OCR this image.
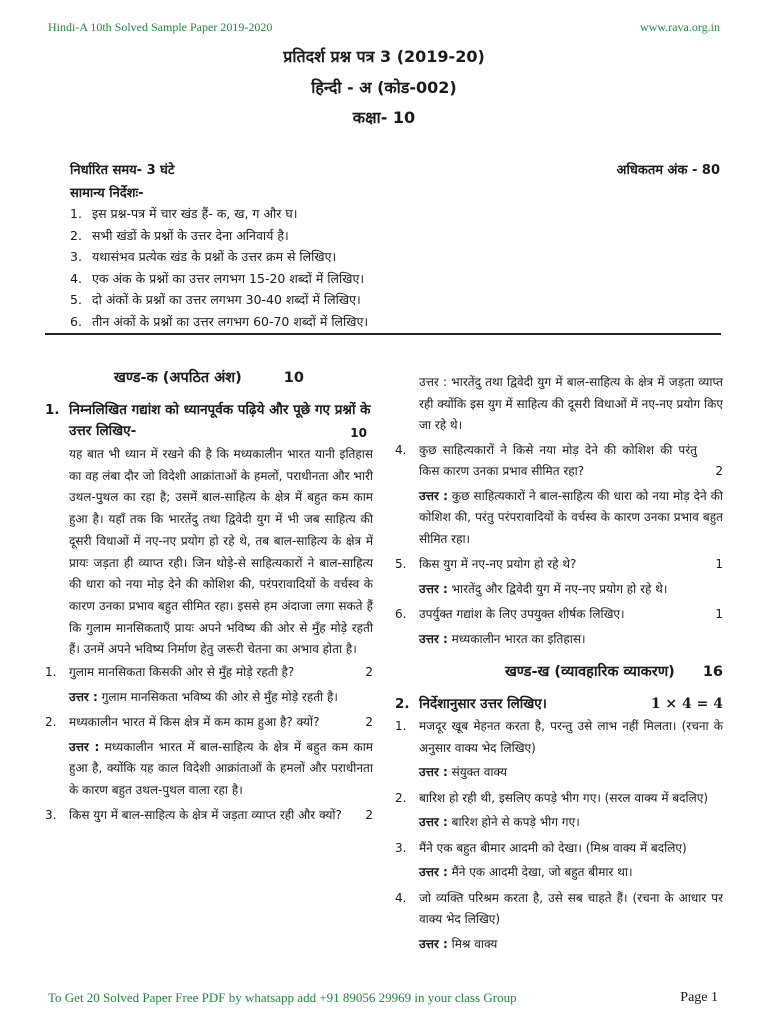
Hindi-A 10th Solved Sample Paper 2019-2020	www.rava.org.in
प्रतिदर्श प्रश्न पत्र 3 (2019-20)
हिन्दी - अ (कोड-002)
कक्षा- 10
निर्धारित समय- 3 घंटे	अधिकतम अंक - 80
सामान्य निर्देशः-
1. इस प्रश्न-पत्र में चार खंड हैं- क, ख, ग और घ।
2. सभी खंडों के प्रश्नों के उत्तर देना अनिवार्य है।
3. यथासंभव प्रत्येक खंड के प्रश्नों के उत्तर क्रम से लिखिए।
4. एक अंक के प्रश्नों का उत्तर लगभग 15-20 शब्दों में लिखिए।
5. दो अंकों के प्रश्नों का उत्तर लगभग 30-40 शब्दों में लिखिए।
6. तीन अंकों के प्रश्नों का उत्तर लगभग 60-70 शब्दों में लिखिए।
खण्ड-क (अपठित अंश)	10
1. निम्नलिखित गद्यांश को ध्यानपूर्वक पढ़िये और पूछे गए प्रश्नों के उत्तर लिखिए-	10
यह बात भी ध्यान में रखने की है कि मध्यकालीन भारत यानी इतिहास का वह लंबा दौर जो विदेशी आक्रांताओं के हमलों, पराधीनता और भारी उथल-पुथल का रहा है; उसमें बाल-साहित्य के क्षेत्र में बहुत कम काम हुआ है। यहाँ तक कि भारतेंदु तथा द्विवेदी युग में भी जब साहित्य की दूसरी विधाओं में नए-नए प्रयोग हो रहे थे, तब बाल-साहित्य के क्षेत्र में प्रायः जड़ता ही व्याप्त रही। जिन थोड़े-से साहित्यकारों ने बाल-साहित्य की धारा को नया मोड़ देने की कोशिश की, परंपरावादियों के वर्चस्व के कारण उनका प्रभाव बहुत सीमित रहा। इससे हम अंदाजा लगा सकते हैं कि गुलाम मानसिकताएँ प्रायः अपने भविष्य की ओर से मुँह मोड़े रहती हैं। उनमें अपने भविष्य निर्माण हेतु जरूरी चेतना का अभाव होता है।
1.	गुलाम मानसिकता किसकी ओर से मुँह मोड़े रहती है?	2
उत्तर : गुलाम मानसिकता भविष्य की ओर से मुँह मोड़े रहती है।
2.	मध्यकालीन भारत में किस क्षेत्र में कम काम हुआ है? क्यों?	2
उत्तर : मध्यकालीन भारत में बाल-साहित्य के क्षेत्र में बहुत कम काम हुआ है, क्योंकि यह काल विदेशी आक्रांताओं के हमलों और पराधीनता के कारण बहुत उथल-पुथल वाला रहा है।
3.	किस युग में बाल-साहित्य के क्षेत्र में जड़ता व्याप्त रही और क्यों?	2
उत्तर : भारतेंदु तथा द्विवेदी युग में बाल-साहित्य के क्षेत्र में जड़ता व्याप्त रही क्योंकि इस युग में साहित्य की दूसरी विधाओं में नए-नए प्रयोग किए जा रहे थे।
4.	कुछ साहित्यकारों ने किसे नया मोड़ देने की कोशिश की परंतु किस कारण उनका प्रभाव सीमित रहा?	2
उत्तर : कुछ साहित्यकारों ने बाल-साहित्य की धारा को नया मोड़ देने की कोशिश की, परंतु परंपरावादियों के वर्चस्व के कारण उनका प्रभाव बहुत सीमित रहा।
5.	किस युग में नए-नए प्रयोग हो रहे थे?	1
उत्तर : भारतेंदु और द्विवेदी युग में नए-नए प्रयोग हो रहे थे।
6.	उपर्युक्त गद्यांश के लिए उपयुक्त शीर्षक लिखिए।	1
उत्तर : मध्यकालीन भारत का इतिहास।
खण्ड-ख (व्यावहारिक व्याकरण) 16
2. निर्देशानुसार उत्तर लिखिए।	1 × 4 = 4
1.	मजदूर खूब मेहनत करता है, परन्तु उसे लाभ नहीं मिलता। (रचना के अनुसार वाक्य भेद लिखिए)
उत्तर : संयुक्त वाक्य
2.	बारिश हो रही थी, इसलिए कपड़े भीग गए। (सरल वाक्य में बदलिए)
उत्तर : बारिश होने से कपड़े भीग गए।
3.	मैंने एक बहुत बीमार आदमी को देखा। (मिश्र वाक्य में बदलिए)
उत्तर : मैंने एक आदमी देखा, जो बहुत बीमार था।
4.	जो व्यक्ति परिश्रम करता है, उसे सब चाहते हैं। (रचना के आधार पर वाक्य भेद लिखिए)
उत्तर : मिश्र वाक्य
To Get 20 Solved Paper Free PDF by whatsapp add +91 89056 29969 in your class Group	Page 1
